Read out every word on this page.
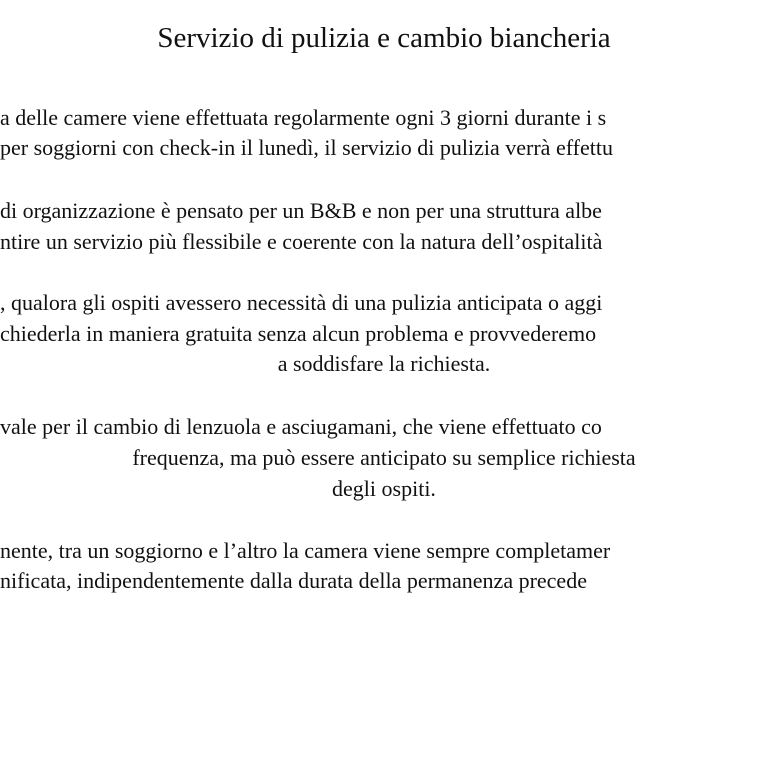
Servizio di pulizia e cambio biancheria
a delle camere viene effettuata regolarmente ogni 3 giorni durante i s
per soggiorni con check-in il lunedì, il servizio di pulizia verrà effettu
di organizzazione è pensato per un B&B e non per una struttura albe
ntire un servizio più flessibile e coerente con la natura dell’ospitalità
, qualora gli ospiti avessero necessità di una pulizia anticipata o aggi
chiederla in maniera gratuita senza alcun problema e provvederemo
a soddisfare la richiesta.
vale per il cambio di lenzuola e asciugamani, che viene effettuato co
frequenza, ma può essere anticipato su semplice richiesta
degli ospiti.
nente, tra un soggiorno e l’altro la camera viene sempre completamer
nificata, indipendentemente dalla durata della permanenza precede
